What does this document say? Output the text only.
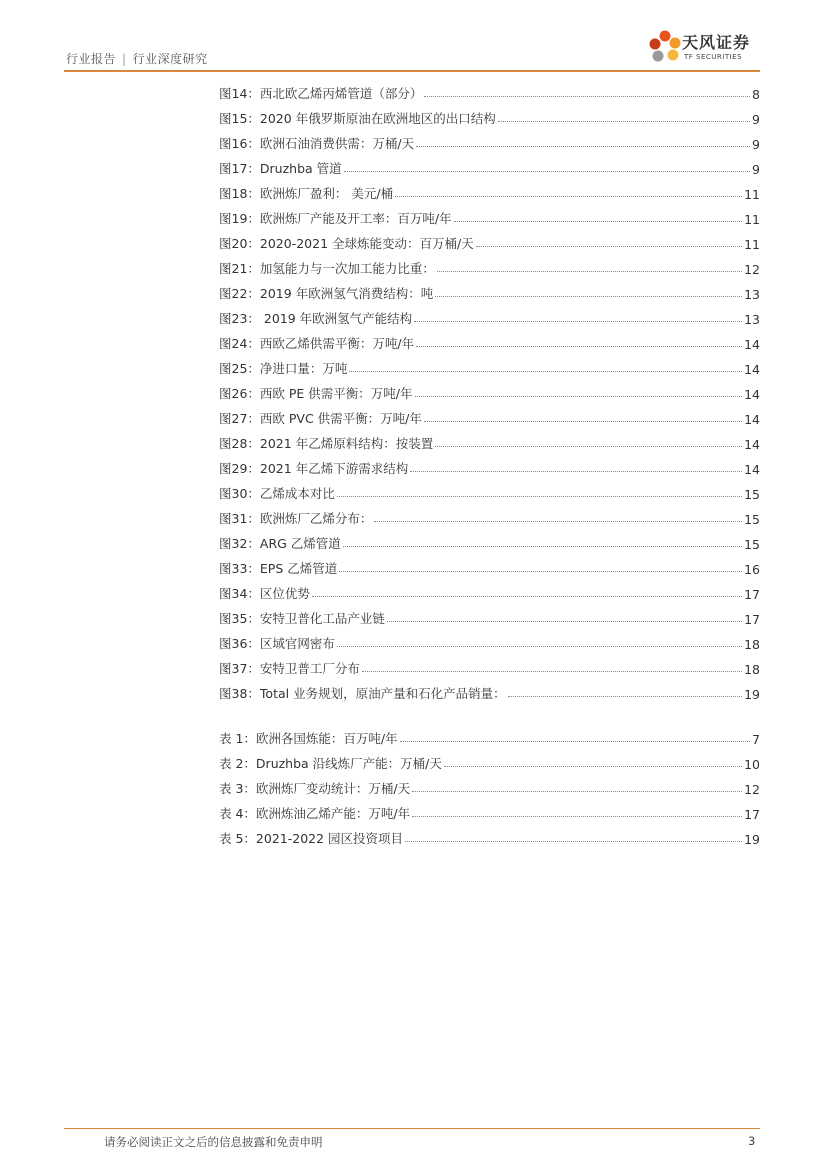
行业报告 | 行业深度研究
天风证券
TF SECURITIES
图14：西北欧乙烯丙烯管道（部分）	8
图15：2020 年俄罗斯原油在欧洲地区的出口结构	9
图16：欧洲石油消费供需：万桶/天	9
图17：Druzhba 管道	9
图18：欧洲炼厂盈利： 美元/桶	11
图19：欧洲炼厂产能及开工率：百万吨/年	11
图20：2020-2021 全球炼能变动：百万桶/天	11
图21：加氢能力与一次加工能力比重：	12
图22：2019 年欧洲氢气消费结构：吨	13
图23： 2019 年欧洲氢气产能结构	13
图24：西欧乙烯供需平衡：万吨/年	14
图25：净进口量：万吨	14
图26：西欧 PE 供需平衡：万吨/年	14
图27：西欧 PVC 供需平衡：万吨/年	14
图28：2021 年乙烯原料结构：按装置	14
图29：2021 年乙烯下游需求结构	14
图30：乙烯成本对比	15
图31：欧洲炼厂乙烯分布：	15
图32：ARG 乙烯管道	15
图33：EPS 乙烯管道	16
图34：区位优势	17
图35：安特卫普化工品产业链	17
图36：区域官网密布	18
图37：安特卫普工厂分布	18
图38：Total 业务规划，原油产量和石化产品销量：	19
表 1：欧洲各国炼能：百万吨/年	7
表 2：Druzhba 沿线炼厂产能：万桶/天	10
表 3：欧洲炼厂变动统计：万桶/天	12
表 4：欧洲炼油乙烯产能：万吨/年	17
表 5：2021-2022 园区投资项目	19
请务必阅读正文之后的信息披露和免责申明	3
